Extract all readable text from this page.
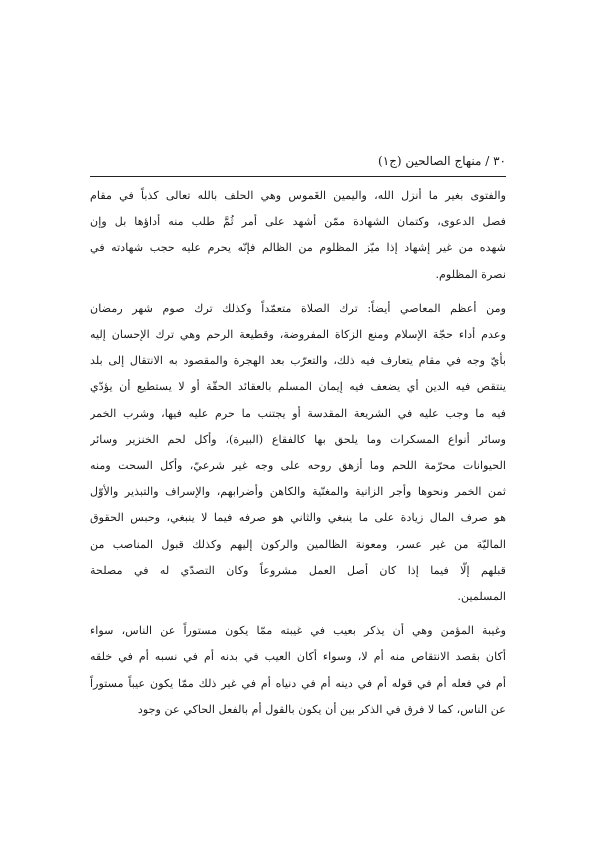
٣٠ / منهاج الصالحين (ج١)
والفتوى بغير ما أنزل الله، واليمين الغَموس وهي الحلف بالله تعالى كذباً في مقام
فصل الدعوى، وكتمان الشهادة ممّن أشهد على أمر ثُمَّ طلب منه أداؤها بل وإن
شهده من غير إشهاد إذا ميّز المظلوم من الظالم فإنّه يحرم عليه حجب شهادته في
نصرة المظلوم.
ومن أعظم المعاصي أيضاً: ترك الصلاة متعمّداً وكذلك ترك صوم شهر رمضان
وعدم أداء حجّة الإسلام ومنع الزكاة المفروضة، وقطيعة الرحم وهي ترك الإحسان إليه
بأيّ وجه في مقام يتعارف فيه ذلك، والتعرّب بعد الهجرة والمقصود به الانتقال إلى بلد
ينتقص فيه الدين أي يضعف فيه إيمان المسلم بالعقائد الحقّة أو لا يستطيع أن يؤدّي
فيه ما وجب عليه في الشريعة المقدسة أو يجتنب ما حرم عليه فيها، وشرب الخمر
وسائر أنواع المسكرات وما يلحق بها كالفقاع (البيرة)، وأكل لحم الخنزير وسائر
الحيوانات محرّمة اللحم وما أزهق روحه على وجه غير شرعيّ، وأكل السحت ومنه
ثمن الخمر ونحوها وأجر الزانية والمغنّية والكاهن وأضرابهم، والإسراف والتبذير والأوّل
هو صرف المال زيادة على ما ينبغي والثاني هو صرفه فيما لا ينبغي، وحبس الحقوق
الماليّة من غير عسر، ومعونة الظالمين والركون إليهم وكذلك قبول المناصب من
قبلهم إلّا فيما إذا كان أصل العمل مشروعاً وكان التصدّي له في مصلحة
المسلمين.
وغيبة المؤمن وهي أن يذكر بعيب في غيبته ممّا يكون مستوراً عن الناس، سواء
أكان بقصد الانتقاص منه أم لا، وسواء أكان العيب في بدنه أم في نسبه أم في خلقه
أم في فعله أم في قوله أم في دينه أم في دنياه أم في غير ذلك ممّا يكون عيباً مستوراً
عن الناس، كما لا فرق في الذكر بين أن يكون بالقول أم بالفعل الحاكي عن وجود
